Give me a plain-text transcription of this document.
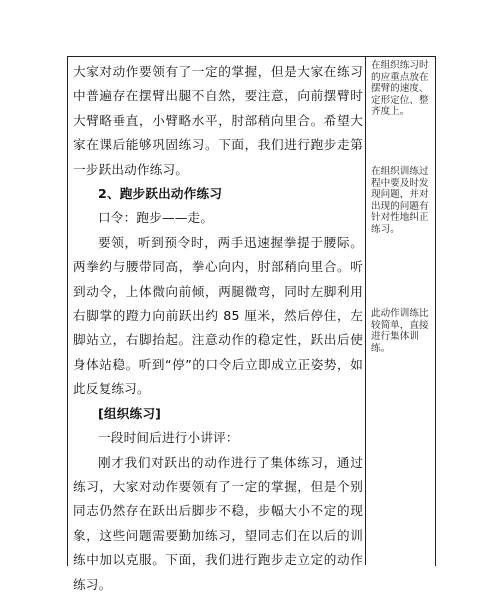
大家对动作要领有了一定的掌握，但是大家在练习中普遍存在摆臂出腿不自然，要注意，向前摆臂时大臂略垂直，小臂略水平，肘部稍向里合。希望大家在课后能够巩固练习。下面，我们进行跑步走第一步跃出动作练习。

2、跑步跃出动作练习

口令：跑步——走。

要领，听到预令时，两手迅速握拳提于腰际。两拳约与腰带同高，拳心向内，肘部稍向里合。听到动令，上体微向前倾，两腿微弯，同时左脚利用右脚掌的蹬力向前跃出约 85 厘米，然后停住，左脚站立，右脚抬起。注意动作的稳定性，跃出后使身体站稳。听到“停”的口令后立即成立正姿势，如此反复练习。

[组织练习]

一段时间后进行小讲评：

刚才我们对跃出的动作进行了集体练习，通过练习，大家对动作要领有了一定的掌握，但是个别同志仍然存在跃出后脚步不稳，步幅大小不定的现象，这些问题需要勤加练习，望同志们在以后的训练中加以克服。下面，我们进行跑步走立定的动作练习。

在组织练习时的应重点放在摆臂的速度、定形定位、整齐度上。
在组织训练过程中要及时发现问题，并对出现的问题有针对性地纠正练习。
此动作训练比较简单，直接进行集体训练。
